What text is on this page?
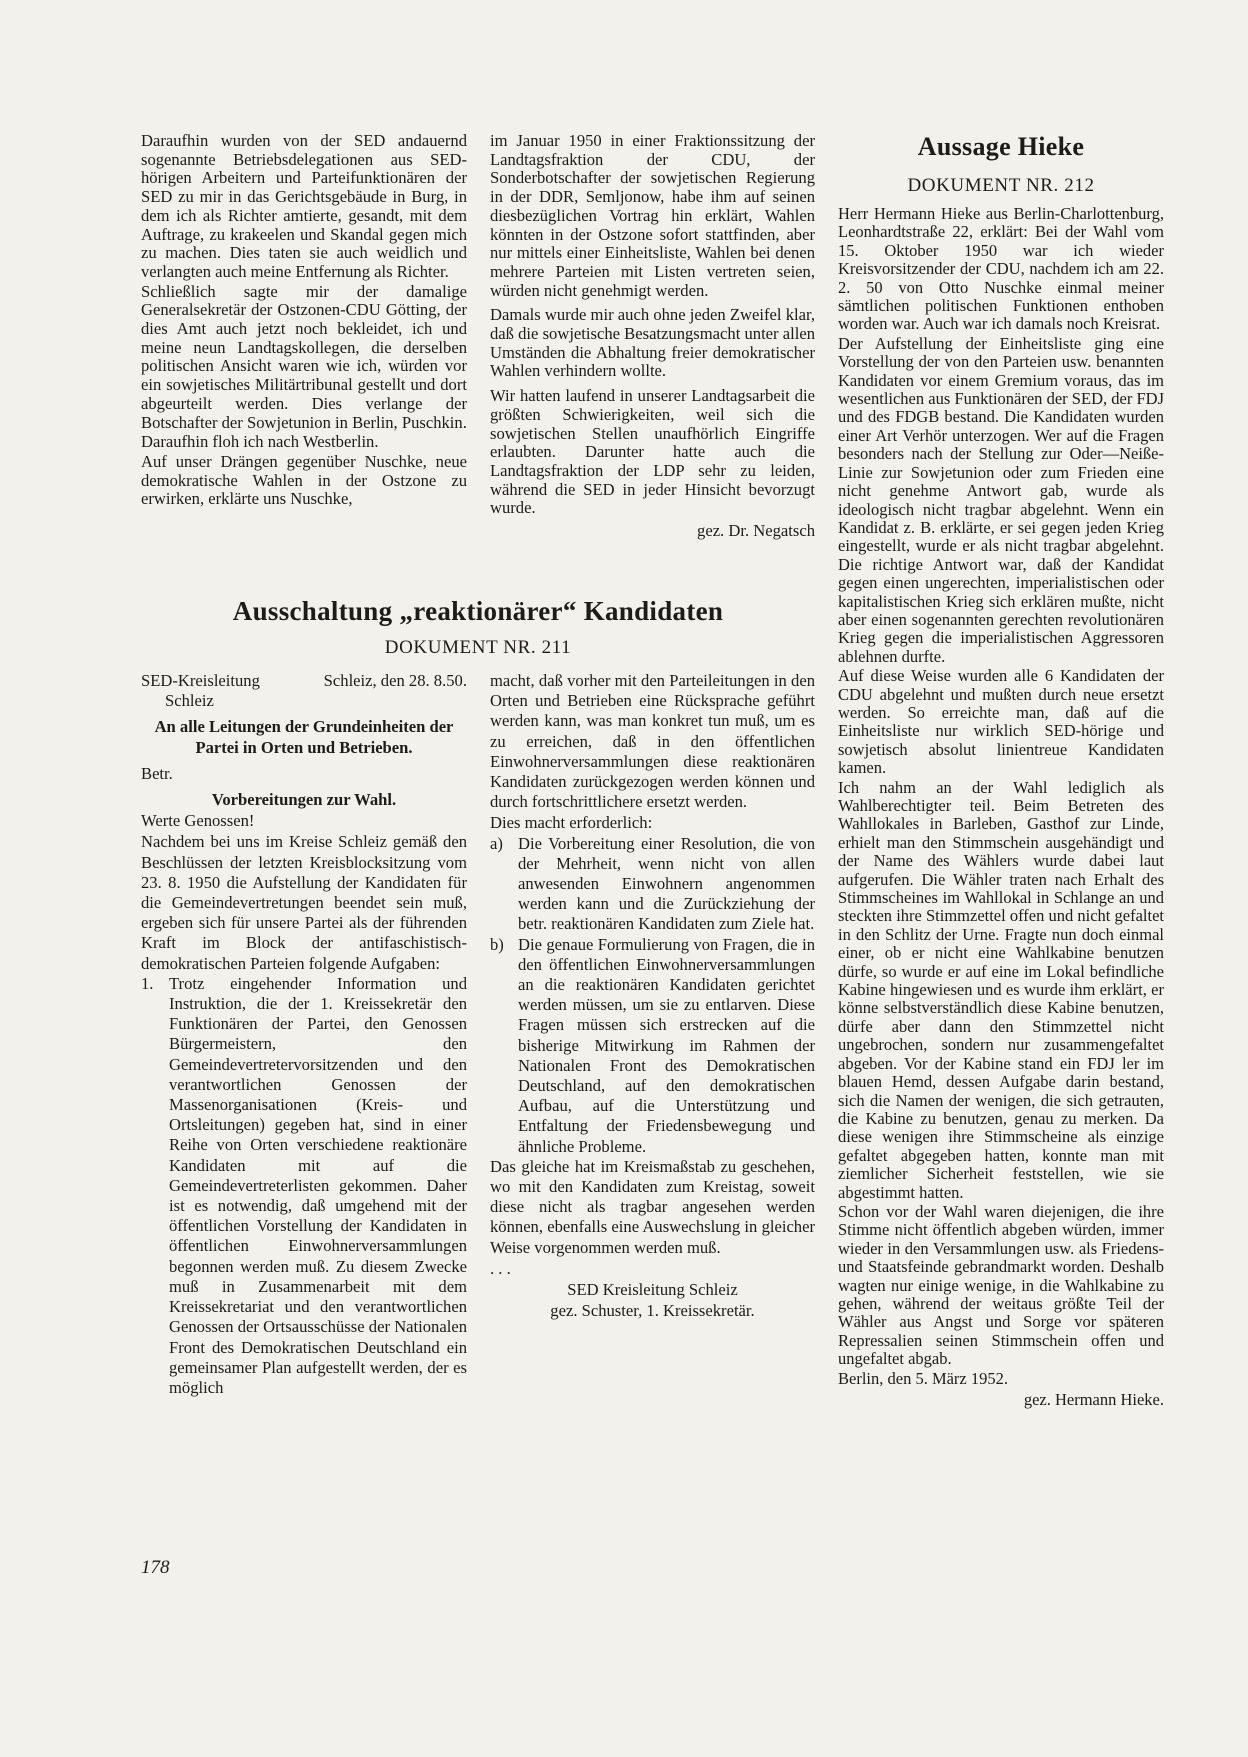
Daraufhin wurden von der SED andauernd sogenannte Betriebsdelegationen aus SED-hörigen Arbeitern und Parteifunktionären der SED zu mir in das Gerichtsgebäude in Burg, in dem ich als Richter amtierte, gesandt, mit dem Auftrage, zu krakeelen und Skandal gegen mich zu machen. Dies taten sie auch weidlich und verlangten auch meine Entfernung als Richter.

Schließlich sagte mir der damalige Generalsekretär der Ostzonen-CDU Götting, der dies Amt auch jetzt noch bekleidet, ich und meine neun Landtagskollegen, die derselben politischen Ansicht waren wie ich, würden vor ein sowjetisches Militärtribunal gestellt und dort abgeurteilt werden. Dies verlange der Botschafter der Sowjetunion in Berlin, Puschkin.

Daraufhin floh ich nach Westberlin.

Auf unser Drängen gegenüber Nuschke, neue demokratische Wahlen in der Ostzone zu erwirken, erklärte uns Nuschke,

im Januar 1950 in einer Fraktionssitzung der Landtagsfraktion der CDU, der Sonderbotschafter der sowjetischen Regierung in der DDR, Semljonow, habe ihm auf seinen diesbezüglichen Vortrag hin erklärt, Wahlen könnten in der Ostzone sofort stattfinden, aber nur mittels einer Einheitsliste, Wahlen bei denen mehrere Parteien mit Listen vertreten seien, würden nicht genehmigt werden.

Damals wurde mir auch ohne jeden Zweifel klar, daß die sowjetische Besatzungsmacht unter allen Umständen die Abhaltung freier demokratischer Wahlen verhindern wollte.

Wir hatten laufend in unserer Landtagsarbeit die größten Schwierigkeiten, weil sich die sowjetischen Stellen unaufhörlich Eingriffe erlaubten. Darunter hatte auch die Landtagsfraktion der LDP sehr zu leiden, während die SED in jeder Hinsicht bevorzugt wurde.

gez. Dr. Negatsch

Ausschaltung „reaktionärer“ Kandidaten
DOKUMENT NR. 211
SED-Kreisleitung	Schleiz, den 28. 8.50.

Schleiz

An alle Leitungen der Grundeinheiten der Partei in Orten und Betrieben.

Betr.

Vorbereitungen zur Wahl.

Werte Genossen!

Nachdem bei uns im Kreise Schleiz gemäß den Beschlüssen der letzten Kreisblocksitzung vom 23. 8. 1950 die Aufstellung der Kandidaten für die Gemeindevertretungen beendet sein muß, ergeben sich für unsere Partei als der führenden Kraft im Block der antifaschistisch-demokratischen Parteien folgende Aufgaben:

1. Trotz eingehender Information und Instruktion, die der 1. Kreissekretär den Funktionären der Partei, den Genossen Bürgermeistern, den Gemeindevertretervorsitzenden und den verantwortlichen Genossen der Massenorganisationen (Kreis- und Ortsleitungen) gegeben hat, sind in einer Reihe von Orten verschiedene reaktionäre Kandidaten mit auf die Gemeindevertreterlisten gekommen. Daher ist es notwendig, daß umgehend mit der öffentlichen Vorstellung der Kandidaten in öffentlichen Einwohnerversammlungen begonnen werden muß. Zu diesem Zwecke muß in Zusammenarbeit mit dem Kreissekretariat und den verantwortlichen Genossen der Ortsausschüsse der Nationalen Front des Demokratischen Deutschland ein gemeinsamer Plan aufgestellt werden, der es möglich

macht, daß vorher mit den Parteileitungen in den Orten und Betrieben eine Rücksprache geführt werden kann, was man konkret tun muß, um es zu erreichen, daß in den öffentlichen Einwohnerversammlungen diese reaktionären Kandidaten zurückgezogen werden können und durch fortschrittlichere ersetzt werden.

Dies macht erforderlich:

a) Die Vorbereitung einer Resolution, die von der Mehrheit, wenn nicht von allen anwesenden Einwohnern angenommen werden kann und die Zurückziehung der betr. reaktionären Kandidaten zum Ziele hat.
b) Die genaue Formulierung von Fragen, die in den öffentlichen Einwohnerversammlungen an die reaktionären Kandidaten gerichtet werden müssen, um sie zu entlarven. Diese Fragen müssen sich erstrecken auf die bisherige Mitwirkung im Rahmen der Nationalen Front des Demokratischen Deutschland, auf den demokratischen Aufbau, auf die Unterstützung und Entfaltung der Friedensbewegung und ähnliche Probleme.

Das gleiche hat im Kreismaßstab zu geschehen, wo mit den Kandidaten zum Kreistag, soweit diese nicht als tragbar angesehen werden können, ebenfalls eine Auswechslung in gleicher Weise vorgenommen werden muß.

. . .

SED Kreisleitung Schleiz

gez. Schuster, 1. Kreissekretär.

Aussage Hieke
DOKUMENT NR. 212

Herr Hermann Hieke aus Berlin-Charlottenburg, Leonhardtstraße 22, erklärt: Bei der Wahl vom 15. Oktober 1950 war ich wieder Kreisvorsitzender der CDU, nachdem ich am 22. 2. 50 von Otto Nuschke einmal meiner sämtlichen politischen Funktionen enthoben worden war. Auch war ich damals noch Kreisrat.

Der Aufstellung der Einheitsliste ging eine Vorstellung der von den Parteien usw. benannten Kandidaten vor einem Gremium voraus, das im wesentlichen aus Funktionären der SED, der FDJ und des FDGB bestand. Die Kandidaten wurden einer Art Verhör unterzogen. Wer auf die Fragen besonders nach der Stellung zur Oder—Neiße-Linie zur Sowjetunion oder zum Frieden eine nicht genehme Antwort gab, wurde als ideologisch nicht tragbar abgelehnt. Wenn ein Kandidat z. B. erklärte, er sei gegen jeden Krieg eingestellt, wurde er als nicht tragbar abgelehnt. Die richtige Antwort war, daß der Kandidat gegen einen ungerechten, imperialistischen oder kapitalistischen Krieg sich erklären mußte, nicht aber einen sogenannten gerechten revolutionären Krieg gegen die imperialistischen Aggressoren ablehnen durfte.

Auf diese Weise wurden alle 6 Kandidaten der CDU abgelehnt und mußten durch neue ersetzt werden. So erreichte man, daß auf die Einheitsliste nur wirklich SED-hörige und sowjetisch absolut linientreue Kandidaten kamen.

Ich nahm an der Wahl lediglich als Wahlberechtigter teil. Beim Betreten des Wahllokales in Barleben, Gasthof zur Linde, erhielt man den Stimmschein ausgehändigt und der Name des Wählers wurde dabei laut aufgerufen. Die Wähler traten nach Erhalt des Stimmscheines im Wahllokal in Schlange an und steckten ihre Stimmzettel offen und nicht gefaltet in den Schlitz der Urne. Fragte nun doch einmal einer, ob er nicht eine Wahlkabine benutzen dürfe, so wurde er auf eine im Lokal befindliche Kabine hingewiesen und es wurde ihm erklärt, er könne selbstverständlich diese Kabine benutzen, dürfe aber dann den Stimmzettel nicht ungebrochen, sondern nur zusammengefaltet abgeben. Vor der Kabine stand ein FDJ ler im blauen Hemd, dessen Aufgabe darin bestand, sich die Namen der wenigen, die sich getrauten, die Kabine zu benutzen, genau zu merken. Da diese wenigen ihre Stimmscheine als einzige gefaltet abgegeben hatten, konnte man mit ziemlicher Sicherheit feststellen, wie sie abgestimmt hatten.

Schon vor der Wahl waren diejenigen, die ihre Stimme nicht öffentlich abgeben würden, immer wieder in den Versammlungen usw. als Friedens- und Staatsfeinde gebrandmarkt worden. Deshalb wagten nur einige wenige, in die Wahlkabine zu gehen, während der weitaus größte Teil der Wähler aus Angst und Sorge vor späteren Repressalien seinen Stimmschein offen und ungefaltet abgab.

Berlin, den 5. März 1952.

gez. Hermann Hieke.

178
